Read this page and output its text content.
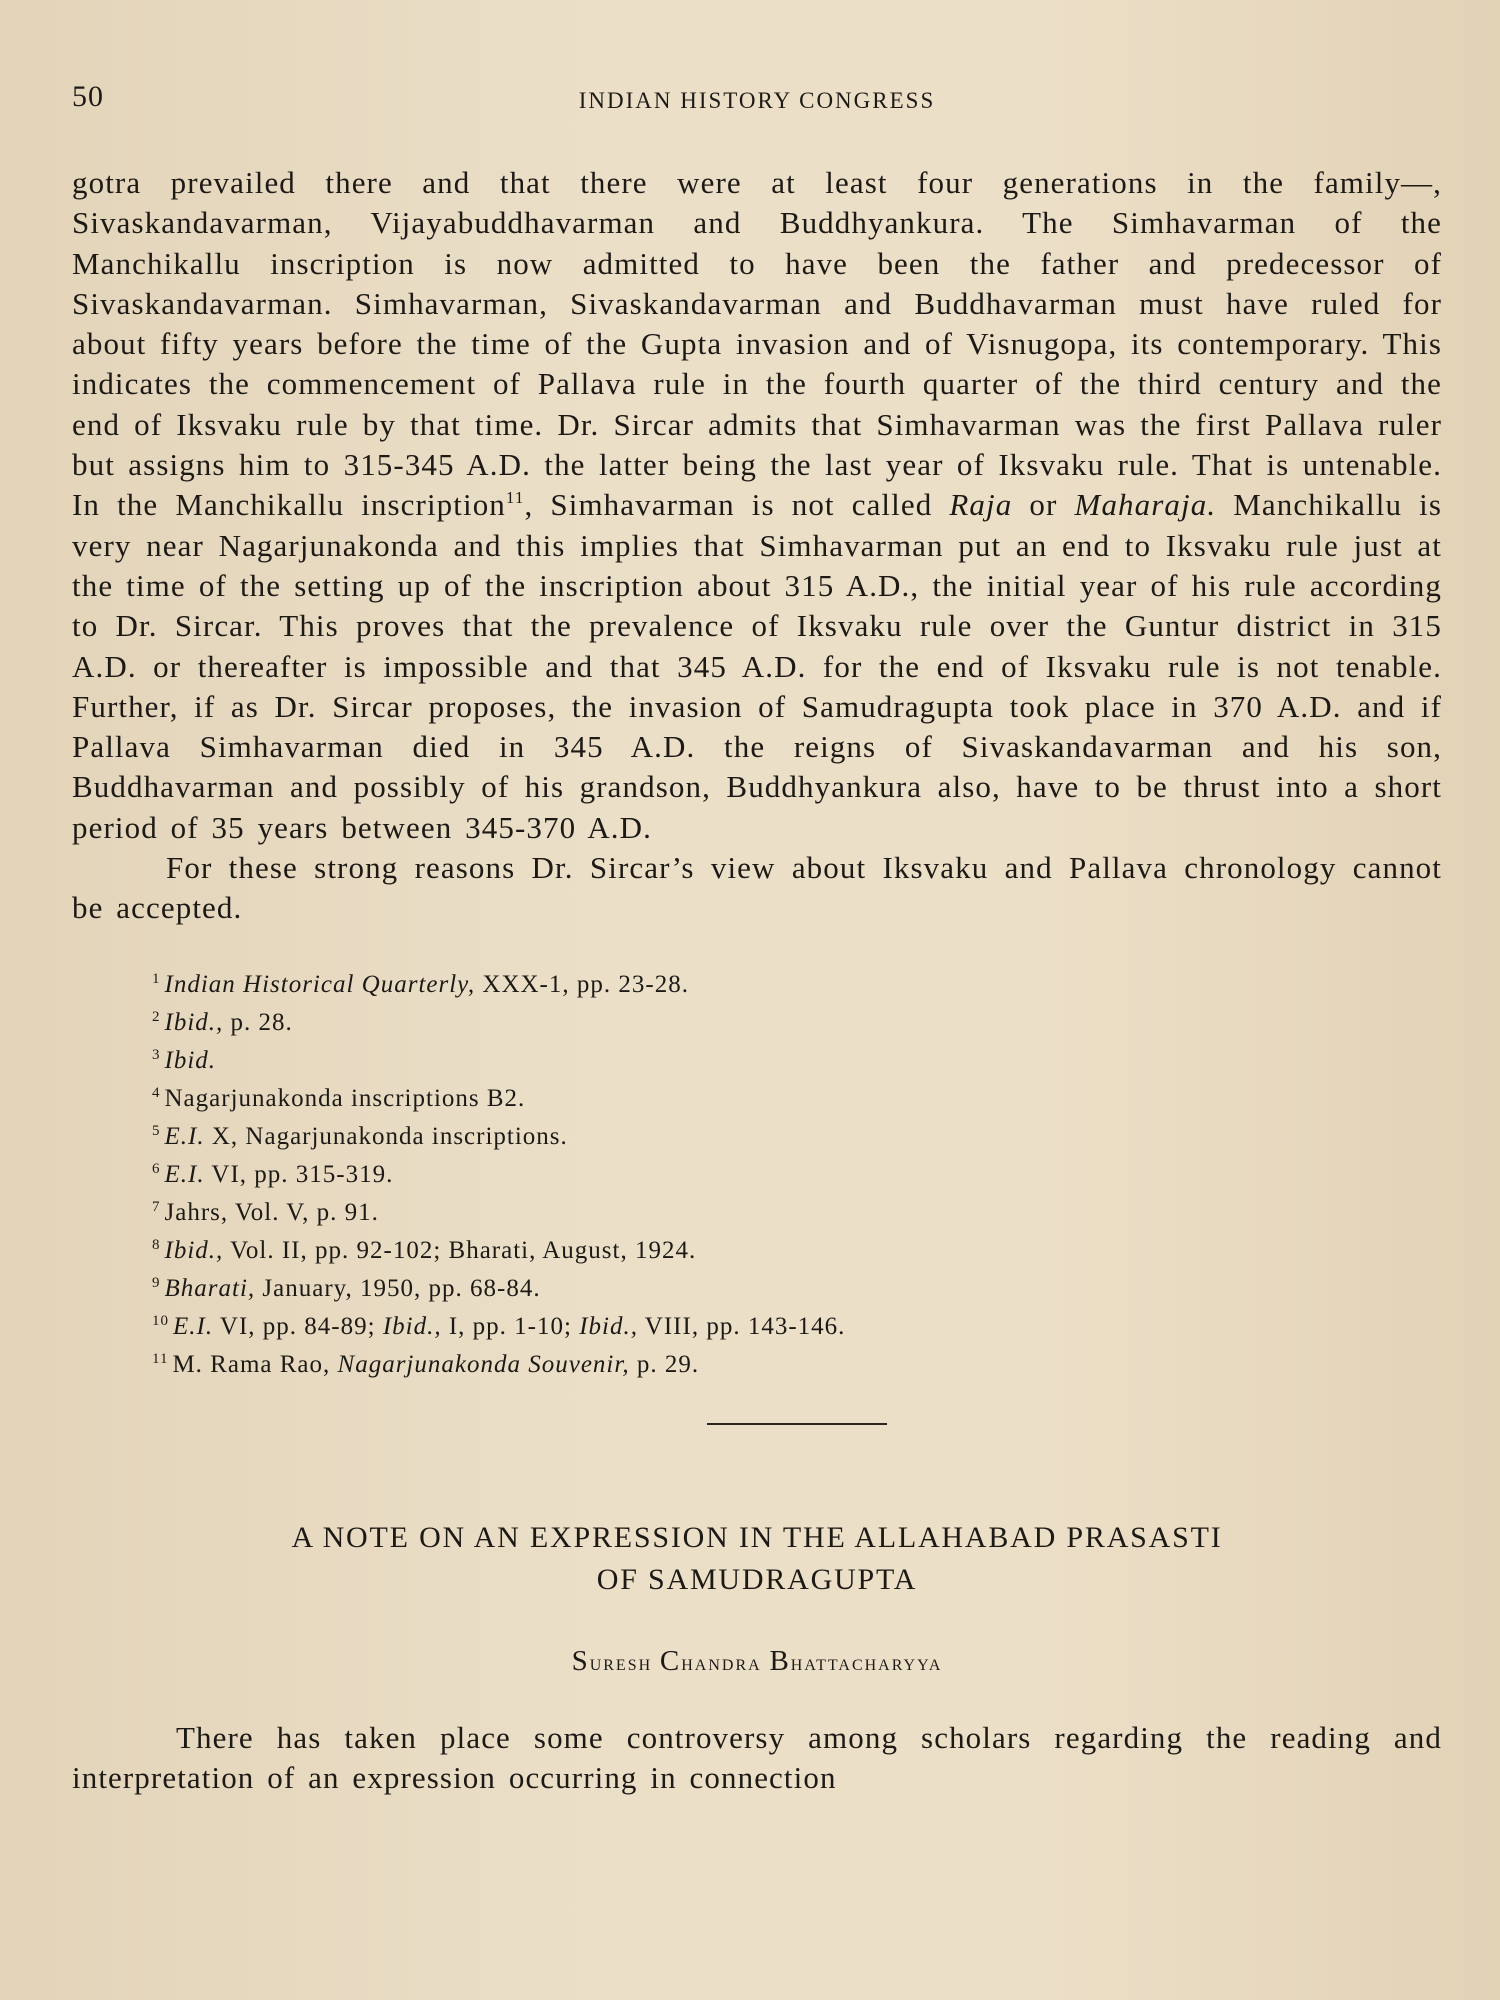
50	INDIAN HISTORY CONGRESS

gotra prevailed there and that there were at least four generations in the family—, Sivaskandavarman, Vijayabuddhavarman and Buddhyankura. The Simhavarman of the Manchikallu inscription is now admitted to have been the father and predecessor of Sivaskandavarman. Simhavarman, Sivaskandavarman and Buddhavarman must have ruled for about fifty years before the time of the Gupta invasion and of Visnugopa, its contemporary. This indicates the commencement of Pallava rule in the fourth quarter of the third century and the end of Iksvaku rule by that time. Dr. Sircar admits that Simhavarman was the first Pallava ruler but assigns him to 315-345 A.D. the latter being the last year of Iksvaku rule. That is untenable. In the Manchikallu inscription$^{11}$, Simhavarman is not called Raja or Maharaja. Manchikallu is very near Nagarjunakonda and this implies that Simhavarman put an end to Iksvaku rule just at the time of the setting up of the inscription about 315 A.D., the initial year of his rule according to Dr. Sircar. This proves that the prevalence of Iksvaku rule over the Guntur district in 315 A.D. or thereafter is impossible and that 345 A.D. for the end of Iksvaku rule is not tenable. Further, if as Dr. Sircar proposes, the invasion of Samudragupta took place in 370 A.D. and if Pallava Simhavarman died in 345 A.D. the reigns of Sivaskandavarman and his son, Buddhavarman and possibly of his grandson, Buddhyankura also, have to be thrust into a short period of 35 years between 345-370 A.D.

For these strong reasons Dr. Sircar’s view about Iksvaku and Pallava chronology cannot be accepted.

$^1$ Indian Historical Quarterly, XXX-1, pp. 23-28.
$^2$ Ibid., p. 28.
$^3$ Ibid.
$^4$ Nagarjunakonda inscriptions B2.
$^5$ E.I. X, Nagarjunakonda inscriptions.
$^6$ E.I. VI, pp. 315-319.
$^7$ Jahrs, Vol. V, p. 91.
$^8$ Ibid., Vol. II, pp. 92-102; Bharati, August, 1924.
$^9$ Bharati, January, 1950, pp. 68-84.
$^{10}$ E.I. VI, pp. 84-89; Ibid., I, pp. 1-10; Ibid., VIII, pp. 143-146.
$^{11}$ M. Rama Rao, Nagarjunakonda Souvenir, p. 29.
A NOTE ON AN EXPRESSION IN THE ALLAHABAD PRASASTI
OF SAMUDRAGUPTA
Suresh Chandra Bhattacharyya

There has taken place some controversy among scholars regarding the reading and interpretation of an expression occurring in connection
